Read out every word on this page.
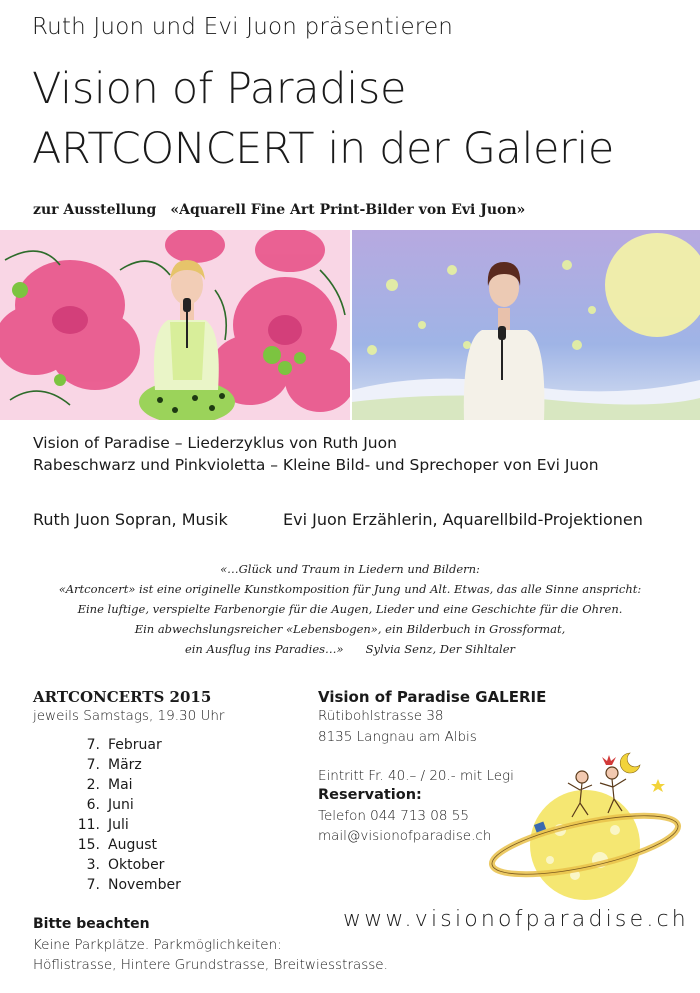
Ruth Juon und Evi Juon präsentieren
Vision of Paradise
ARTCONCERT in der Galerie
zur Ausstellung «Aquarell Fine Art Print-Bilder von Evi Juon»
Vision of Paradise – Liederzyklus von Ruth Juon
Rabeschwarz und Pinkvioletta – Kleine Bild- und Sprechoper von Evi Juon
Ruth Juon Sopran, Musik	Evi Juon Erzählerin, Aquarellbild-Projektionen
«…Glück und Traum in Liedern und Bildern:
«Artconcert» ist eine originelle Kunstkomposition für Jung und Alt. Etwas, das alle Sinne anspricht:
Eine luftige, verspielte Farbenorgie für die Augen, Lieder und eine Geschichte für die Ohren.
Ein abwechslungsreicher «Lebensbogen», ein Bilderbuch in Grossformat,
ein Ausflug ins Paradies…» Sylvia Senz, Der Sihltaler
ARTCONCERTS 2015
jeweils Samstags, 19.30 Uhr
7. Februar
7. März
2. Mai
6. Juni
11. Juli
15. August
3. Oktober
7. November
Vision of Paradise GALERIE
Rütibohlstrasse 38
8135 Langnau am Albis
Eintritt Fr. 40.– / 20.- mit Legi
Reservation:
Telefon 044 713 08 55
mail@visionofparadise.ch
www.visionofparadise.ch
Bitte beachten
Keine Parkplätze. Parkmöglichkeiten:
Höflistrasse, Hintere Grundstrasse, Breitwiesstrasse.
